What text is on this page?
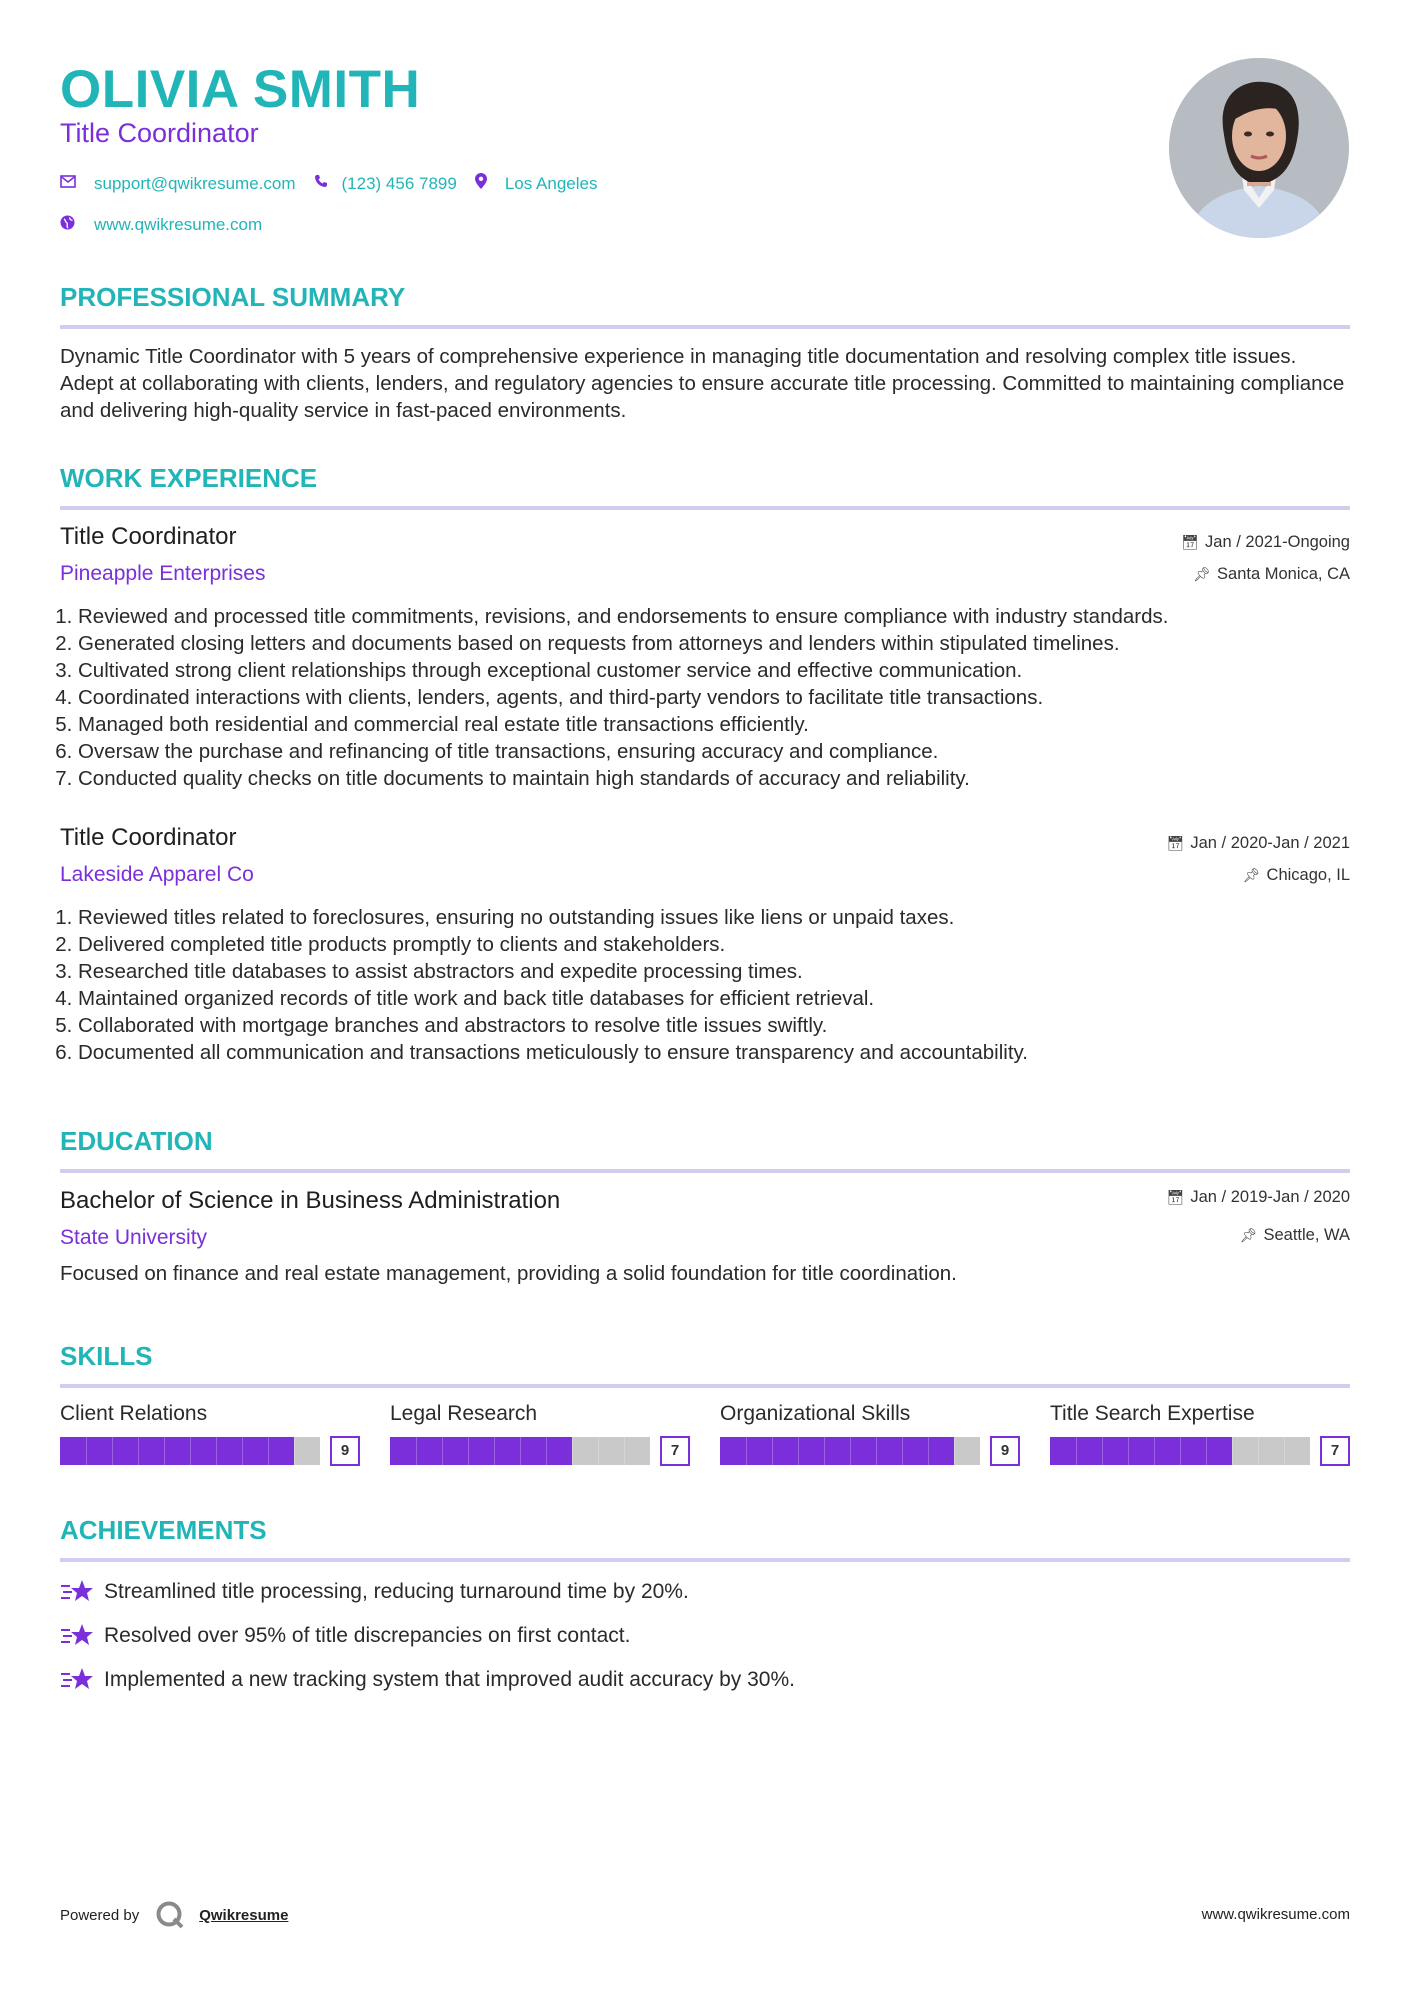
OLIVIA SMITH
Title Coordinator
support@qwikresume.com	(123) 456 7899	Los Angeles
www.qwikresume.com
PROFESSIONAL SUMMARY

Dynamic Title Coordinator with 5 years of comprehensive experience in managing title documentation and resolving complex title issues. Adept at collaborating with clients, lenders, and regulatory agencies to ensure accurate title processing. Committed to maintaining compliance and delivering high-quality service in fast-paced environments.

WORK EXPERIENCE
Title Coordinator
Pineapple Enterprises
📅︎ Jan / 2021-Ongoing
📌︎ Santa Monica, CA
1. Reviewed and processed title commitments, revisions, and endorsements to ensure compliance with industry standards.
2. Generated closing letters and documents based on requests from attorneys and lenders within stipulated timelines.
3. Cultivated strong client relationships through exceptional customer service and effective communication.
4. Coordinated interactions with clients, lenders, agents, and third-party vendors to facilitate title transactions.
5. Managed both residential and commercial real estate title transactions efficiently.
6. Oversaw the purchase and refinancing of title transactions, ensuring accuracy and compliance.
7. Conducted quality checks on title documents to maintain high standards of accuracy and reliability.
Title Coordinator
Lakeside Apparel Co
📅︎ Jan / 2020-Jan / 2021
📌︎ Chicago, IL
1. Reviewed titles related to foreclosures, ensuring no outstanding issues like liens or unpaid taxes.
2. Delivered completed title products promptly to clients and stakeholders.
3. Researched title databases to assist abstractors and expedite processing times.
4. Maintained organized records of title work and back title databases for efficient retrieval.
5. Collaborated with mortgage branches and abstractors to resolve title issues swiftly.
6. Documented all communication and transactions meticulously to ensure transparency and accountability.
EDUCATION
Bachelor of Science in Business Administration
State University
📅︎ Jan / 2019-Jan / 2020
📌︎ Seattle, WA
Focused on finance and real estate management, providing a solid foundation for title coordination.
SKILLS
Client Relations
9
Legal Research
7
Organizational Skills
9
Title Search Expertise
7
ACHIEVEMENTS
Streamlined title processing, reducing turnaround time by 20%.
Resolved over 95% of title discrepancies on first contact.
Implemented a new tracking system that improved audit accuracy by 30%.
Powered by	Qwikresume	www.qwikresume.com
